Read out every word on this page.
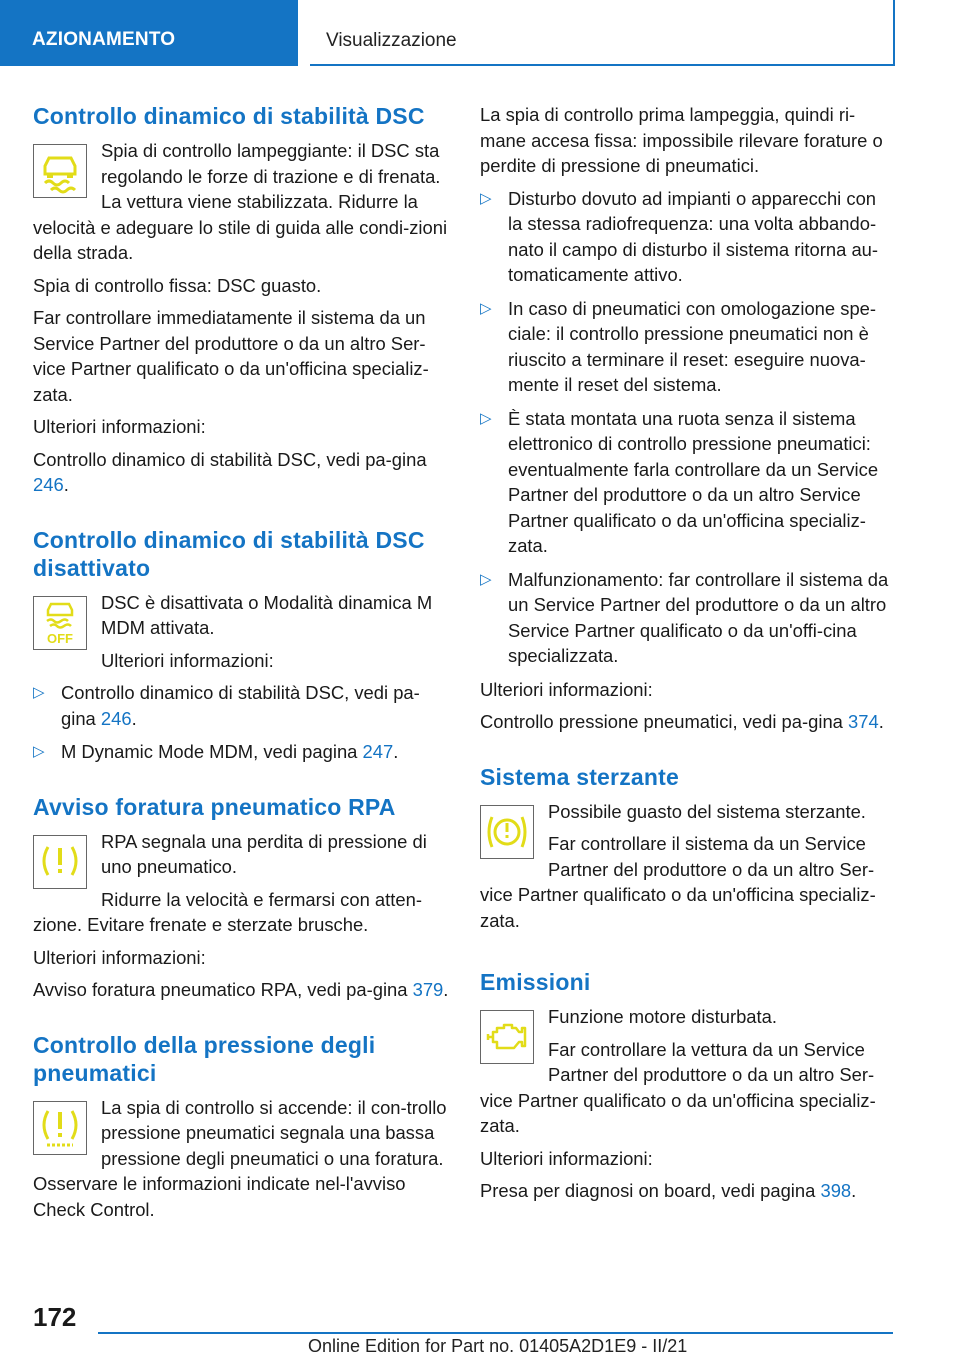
AZIONAMENTO	Visualizzazione
Controllo dinamico di stabilità DSC

Spia di controllo lampeggiante: il DSC sta regolando le forze di trazione e di frenata. La vettura viene stabilizzata. Ridurre la velocità e adeguare lo stile di guida alle condi-zioni della strada.

Spia di controllo fissa: DSC guasto.

Far controllare immediatamente il sistema da un Service Partner del produttore o da un altro Ser-vice Partner qualificato o da un'officina specializ-zata.

Ulteriori informazioni:

Controllo dinamico di stabilità DSC, vedi pa-gina 246.

Controllo dinamico di stabilità DSC disattivato
OFF

DSC è disattivata o Modalità dinamica M MDM attivata.

Ulteriori informazioni:

▷ Controllo dinamico di stabilità DSC, vedi pa-gina 246.
▷ M Dynamic Mode MDM, vedi pagina 247.
Avviso foratura pneumatico RPA

RPA segnala una perdita di pressione di uno pneumatico.

Ridurre la velocità e fermarsi con atten-zione. Evitare frenate e sterzate brusche.

Ulteriori informazioni:

Avviso foratura pneumatico RPA, vedi pa-gina 379.

Controllo della pressione degli pneumatici

La spia di controllo si accende: il con-trollo pressione pneumatici segnala una bassa pressione degli pneumatici o una foratura. Osservare le informazioni indicate nel-l'avviso Check Control.

La spia di controllo prima lampeggia, quindi ri-mane accesa fissa: impossibile rilevare forature o perdite di pressione di pneumatici.

▷ Disturbo dovuto ad impianti o apparecchi con la stessa radiofrequenza: una volta abbando-nato il campo di disturbo il sistema ritorna au-tomaticamente attivo.
▷ In caso di pneumatici con omologazione spe-ciale: il controllo pressione pneumatici non è riuscito a terminare il reset: eseguire nuova-mente il reset del sistema.
▷ È stata montata una ruota senza il sistema elettronico di controllo pressione pneumatici: eventualmente farla controllare da un Service Partner del produttore o da un altro Service Partner qualificato o da un'officina specializ-zata.
▷ Malfunzionamento: far controllare il sistema da un Service Partner del produttore o da un altro Service Partner qualificato o da un'offi-cina specializzata.

Ulteriori informazioni:

Controllo pressione pneumatici, vedi pa-gina 374.

Sistema sterzante

Possibile guasto del sistema sterzante.

Far controllare il sistema da un Service Partner del produttore o da un altro Ser-vice Partner qualificato o da un'officina specializ-zata.

Emissioni

Funzione motore disturbata.

Far controllare la vettura da un Service Partner del produttore o da un altro Ser-vice Partner qualificato o da un'officina specializ-zata.

Ulteriori informazioni:

Presa per diagnosi on board, vedi pagina 398.

172
Online Edition for Part no. 01405A2D1E9 - II/21
